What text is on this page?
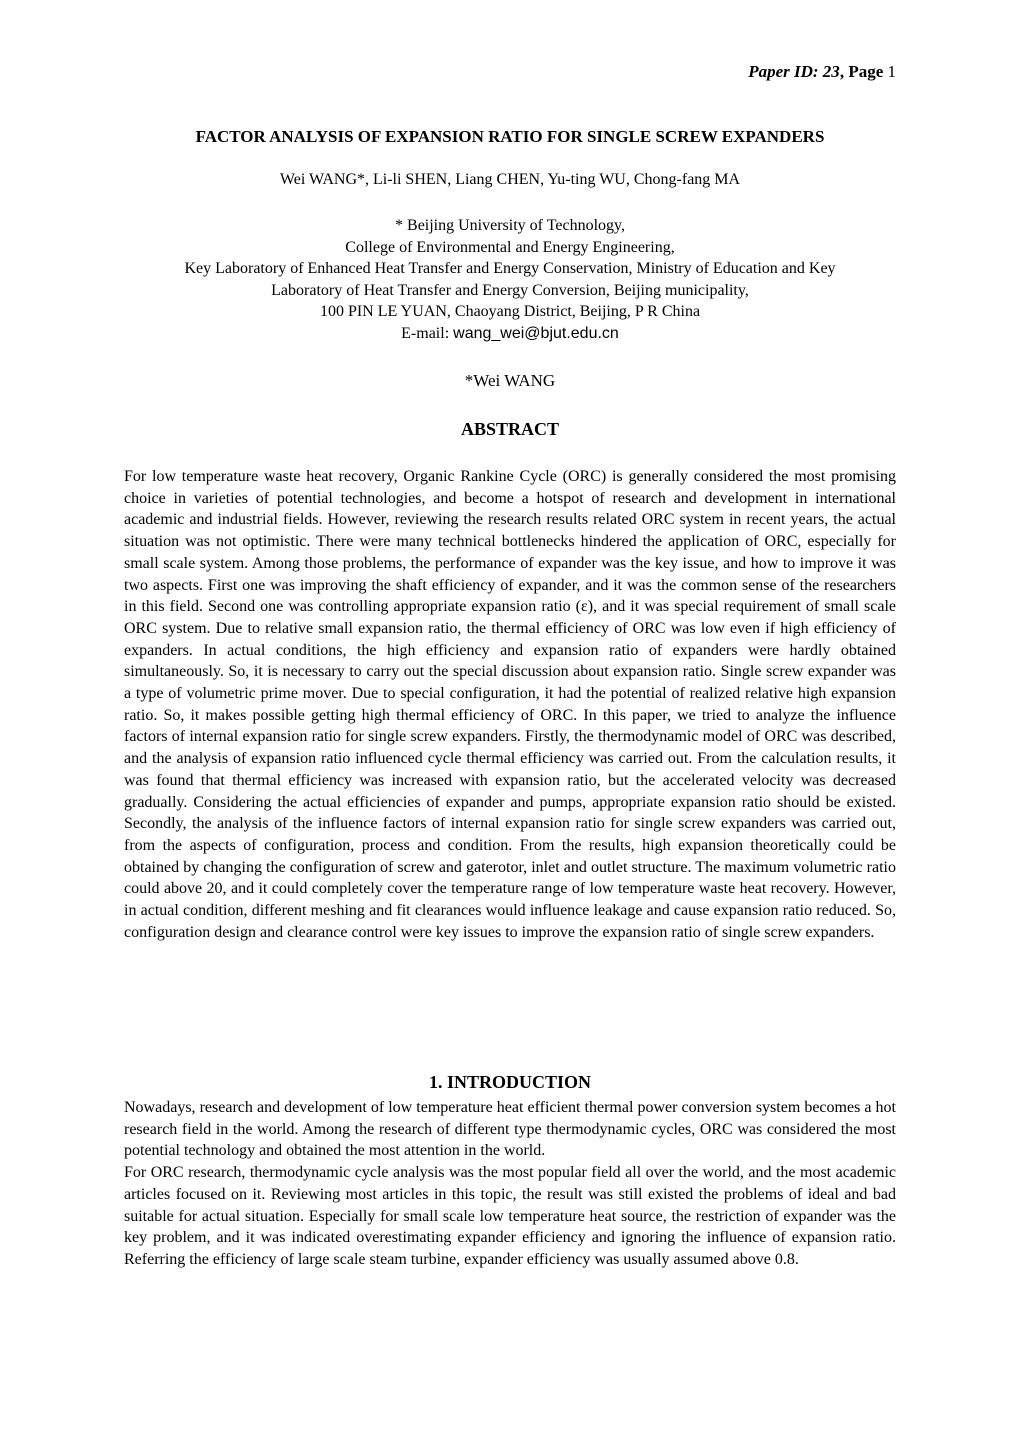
Paper ID: 23, Page 1
FACTOR ANALYSIS OF EXPANSION RATIO FOR SINGLE SCREW EXPANDERS
Wei WANG*, Li-li SHEN, Liang CHEN, Yu-ting WU, Chong-fang MA
* Beijing University of Technology,
College of Environmental and Energy Engineering,
Key Laboratory of Enhanced Heat Transfer and Energy Conservation, Ministry of Education and Key
Laboratory of Heat Transfer and Energy Conversion, Beijing municipality,
100 PIN LE YUAN, Chaoyang District, Beijing, P R China
E-mail: wang_wei@bjut.edu.cn
*Wei WANG
ABSTRACT

For low temperature waste heat recovery, Organic Rankine Cycle (ORC) is generally considered the most promising choice in varieties of potential technologies, and become a hotspot of research and development in international academic and industrial fields. However, reviewing the research results related ORC system in recent years, the actual situation was not optimistic. There were many technical bottlenecks hindered the application of ORC, especially for small scale system. Among those problems, the performance of expander was the key issue, and how to improve it was two aspects. First one was improving the shaft efficiency of expander, and it was the common sense of the researchers in this field. Second one was controlling appropriate expansion ratio (ε), and it was special requirement of small scale ORC system. Due to relative small expansion ratio, the thermal efficiency of ORC was low even if high efficiency of expanders. In actual conditions, the high efficiency and expansion ratio of expanders were hardly obtained simultaneously. So, it is necessary to carry out the special discussion about expansion ratio. Single screw expander was a type of volumetric prime mover. Due to special configuration, it had the potential of realized relative high expansion ratio. So, it makes possible getting high thermal efficiency of ORC. In this paper, we tried to analyze the influence factors of internal expansion ratio for single screw expanders. Firstly, the thermodynamic model of ORC was described, and the analysis of expansion ratio influenced cycle thermal efficiency was carried out. From the calculation results, it was found that thermal efficiency was increased with expansion ratio, but the accelerated velocity was decreased gradually. Considering the actual efficiencies of expander and pumps, appropriate expansion ratio should be existed. Secondly, the analysis of the influence factors of internal expansion ratio for single screw expanders was carried out, from the aspects of configuration, process and condition. From the results, high expansion theoretically could be obtained by changing the configuration of screw and gaterotor, inlet and outlet structure. The maximum volumetric ratio could above 20, and it could completely cover the temperature range of low temperature waste heat recovery. However, in actual condition, different meshing and fit clearances would influence leakage and cause expansion ratio reduced. So, configuration design and clearance control were key issues to improve the expansion ratio of single screw expanders.

1. INTRODUCTION

Nowadays, research and development of low temperature heat efficient thermal power conversion system becomes a hot research field in the world. Among the research of different type thermodynamic cycles, ORC was considered the most potential technology and obtained the most attention in the world.

For ORC research, thermodynamic cycle analysis was the most popular field all over the world, and the most academic articles focused on it. Reviewing most articles in this topic, the result was still existed the problems of ideal and bad suitable for actual situation. Especially for small scale low temperature heat source, the restriction of expander was the key problem, and it was indicated overestimating expander efficiency and ignoring the influence of expansion ratio. Referring the efficiency of large scale steam turbine, expander efficiency was usually assumed above 0.8.
